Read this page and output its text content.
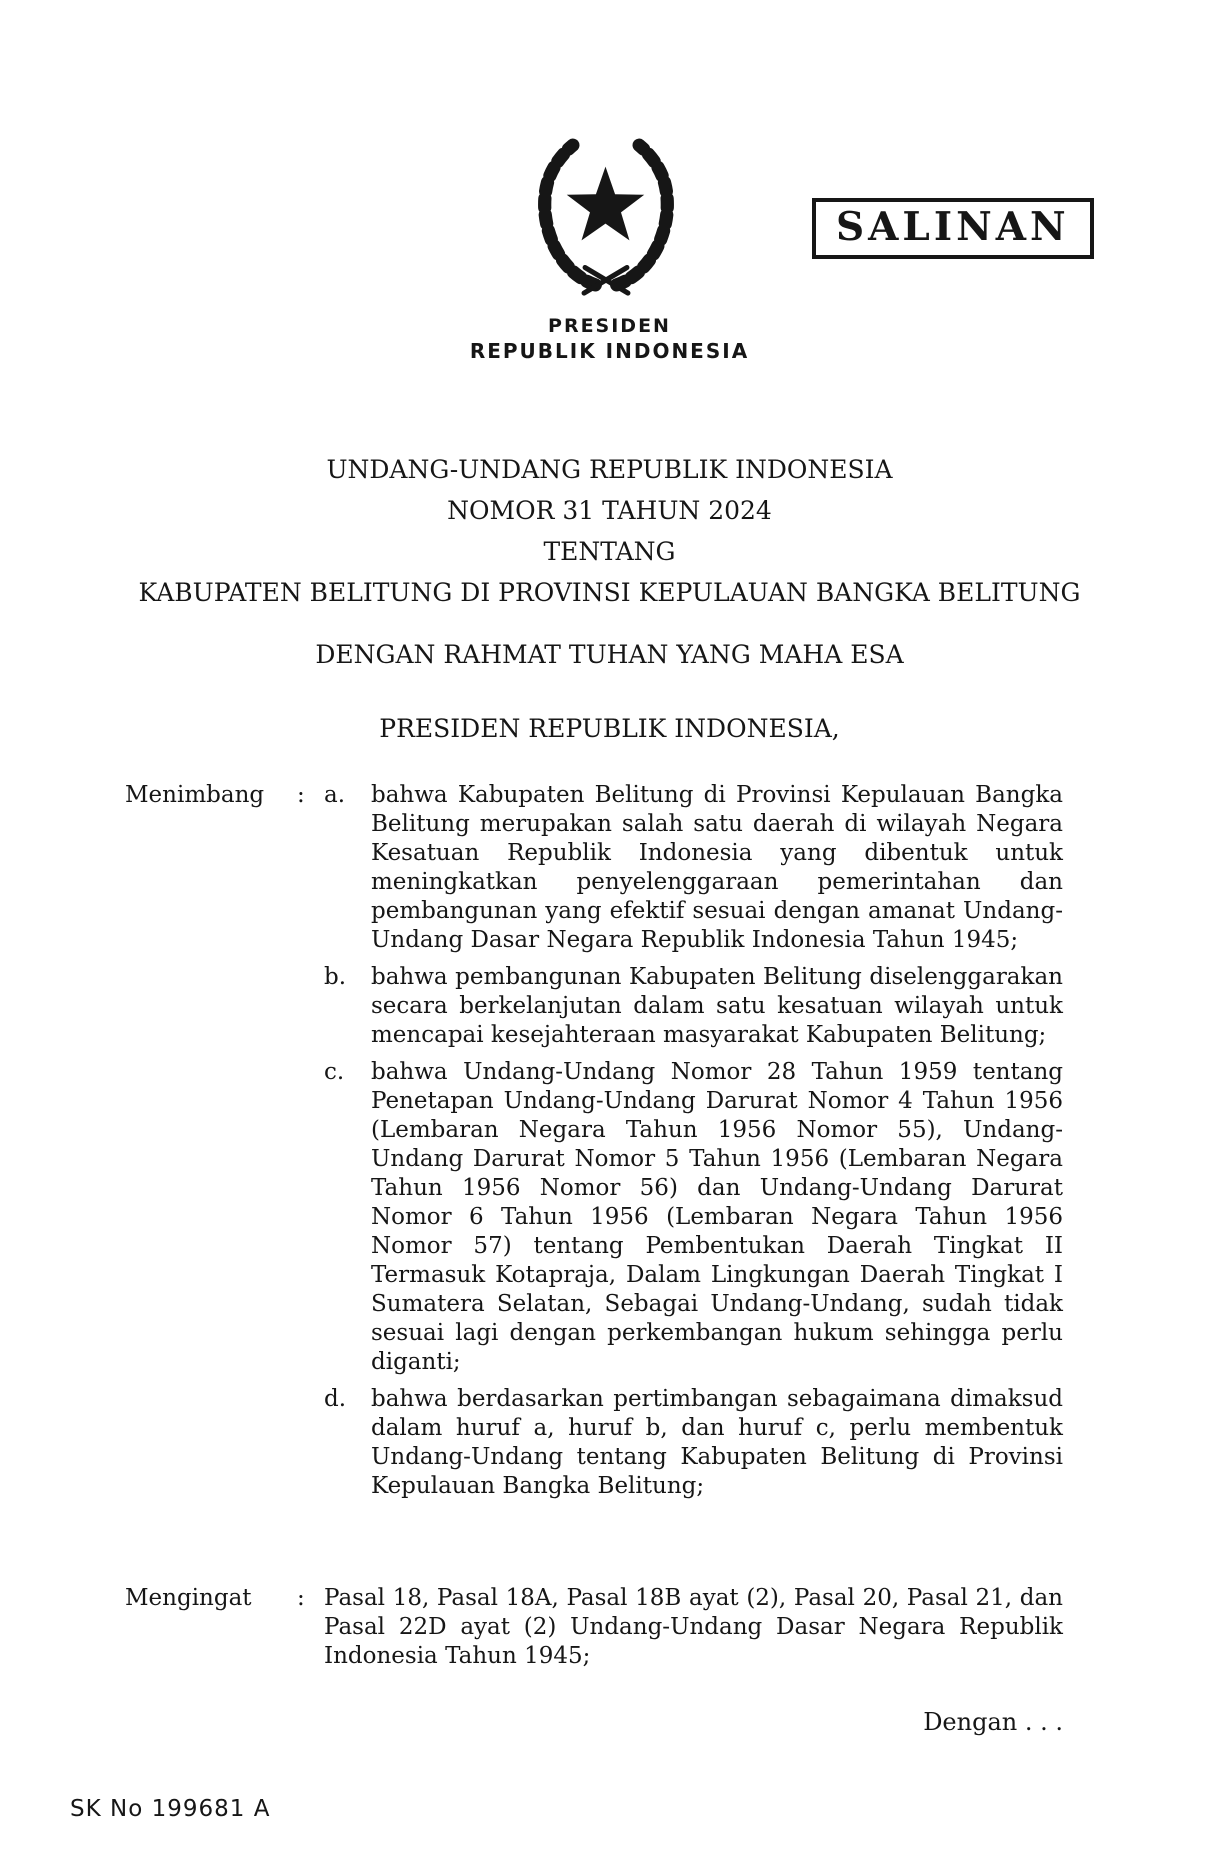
SALINAN
PRESIDEN
REPUBLIK INDONESIA
UNDANG-UNDANG REPUBLIK INDONESIA
NOMOR 31 TAHUN 2024
TENTANG
KABUPATEN BELITUNG DI PROVINSI KEPULAUAN BANGKA BELITUNG
DENGAN RAHMAT TUHAN YANG MAHA ESA
PRESIDEN REPUBLIK INDONESIA,
Menimbang	: a.	bahwa Kabupaten Belitung di Provinsi Kepulauan Bangka Belitung merupakan salah satu daerah di wilayah Negara Kesatuan Republik Indonesia yang dibentuk untuk meningkatkan penyelenggaraan pemerintahan dan pembangunan yang efektif sesuai dengan amanat Undang-Undang Dasar Negara Republik Indonesia Tahun 1945;
b.	bahwa pembangunan Kabupaten Belitung diselenggarakan secara berkelanjutan dalam satu kesatuan wilayah untuk mencapai kesejahteraan masyarakat Kabupaten Belitung;
c.	bahwa Undang-Undang Nomor 28 Tahun 1959 tentang Penetapan Undang-Undang Darurat Nomor 4 Tahun 1956 (Lembaran Negara Tahun 1956 Nomor 55), Undang-Undang Darurat Nomor 5 Tahun 1956 (Lembaran Negara Tahun 1956 Nomor 56) dan Undang-Undang Darurat Nomor 6 Tahun 1956 (Lembaran Negara Tahun 1956 Nomor 57) tentang Pembentukan Daerah Tingkat II Termasuk Kotapraja, Dalam Lingkungan Daerah Tingkat I Sumatera Selatan, Sebagai Undang-Undang, sudah tidak sesuai lagi dengan perkembangan hukum sehingga perlu diganti;
d.	bahwa berdasarkan pertimbangan sebagaimana dimaksud dalam huruf a, huruf b, dan huruf c, perlu membentuk Undang-Undang tentang Kabupaten Belitung di Provinsi Kepulauan Bangka Belitung;
Mengingat	: Pasal 18, Pasal 18A, Pasal 18B ayat (2), Pasal 20, Pasal 21, dan Pasal 22D ayat (2) Undang-Undang Dasar Negara Republik Indonesia Tahun 1945;
Dengan . . .
SK No 199681 A
